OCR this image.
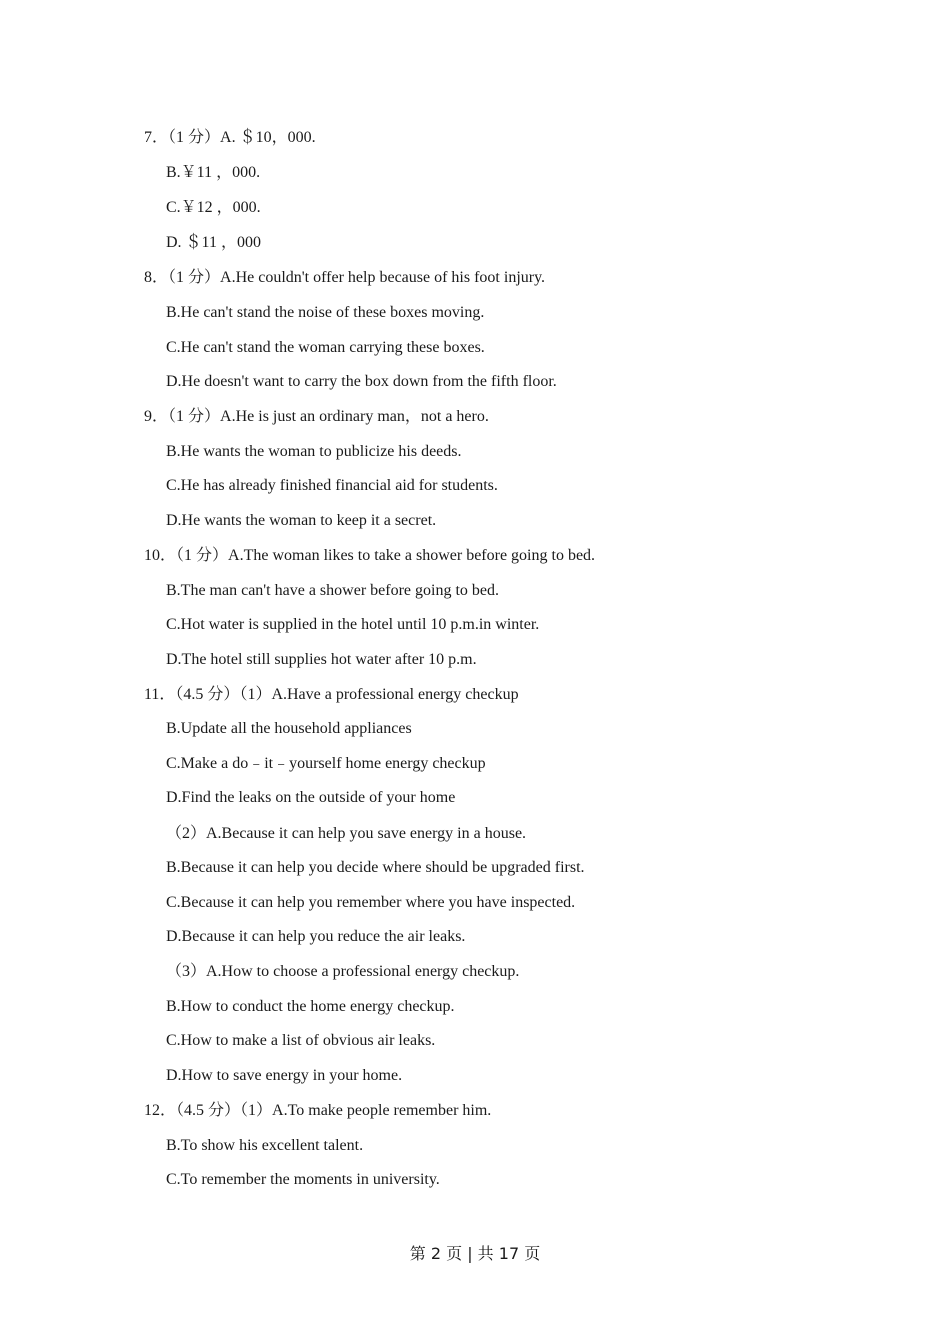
7．（1 分）A. ＄10，000.
B.￥11 ，000.
C.￥12 ，000.
D. ＄11 ，000
8．（1 分）A.He couldn't offer help because of his foot injury.
B.He can't stand the noise of these boxes moving.
C.He can't stand the woman carrying these boxes.
D.He doesn't want to carry the box down from the fifth floor.
9．（1 分）A.He is just an ordinary man，not a hero.
B.He wants the woman to publicize his deeds.
C.He has already finished financial aid for students.
D.He wants the woman to keep it a secret.
10．（1 分）A.The woman likes to take a shower before going to bed.
B.The man can't have a shower before going to bed.
C.Hot water is supplied in the hotel until 10 p.m.in winter.
D.The hotel still supplies hot water after 10 p.m.
11．（4.5 分）（1）A.Have a professional energy checkup
B.Update all the household appliances
C.Make a do﹣it﹣yourself home energy checkup
D.Find the leaks on the outside of your home
（2）A.Because it can help you save energy in a house.
B.Because it can help you decide where should be upgraded first.
C.Because it can help you remember where you have inspected.
D.Because it can help you reduce the air leaks.
（3）A.How to choose a professional energy checkup.
B.How to conduct the home energy checkup.
C.How to make a list of obvious air leaks.
D.How to save energy in your home.
12．（4.5 分）（1）A.To make people remember him.
B.To show his excellent talent.
C.To remember the moments in university.
第 2 页 | 共 17 页
